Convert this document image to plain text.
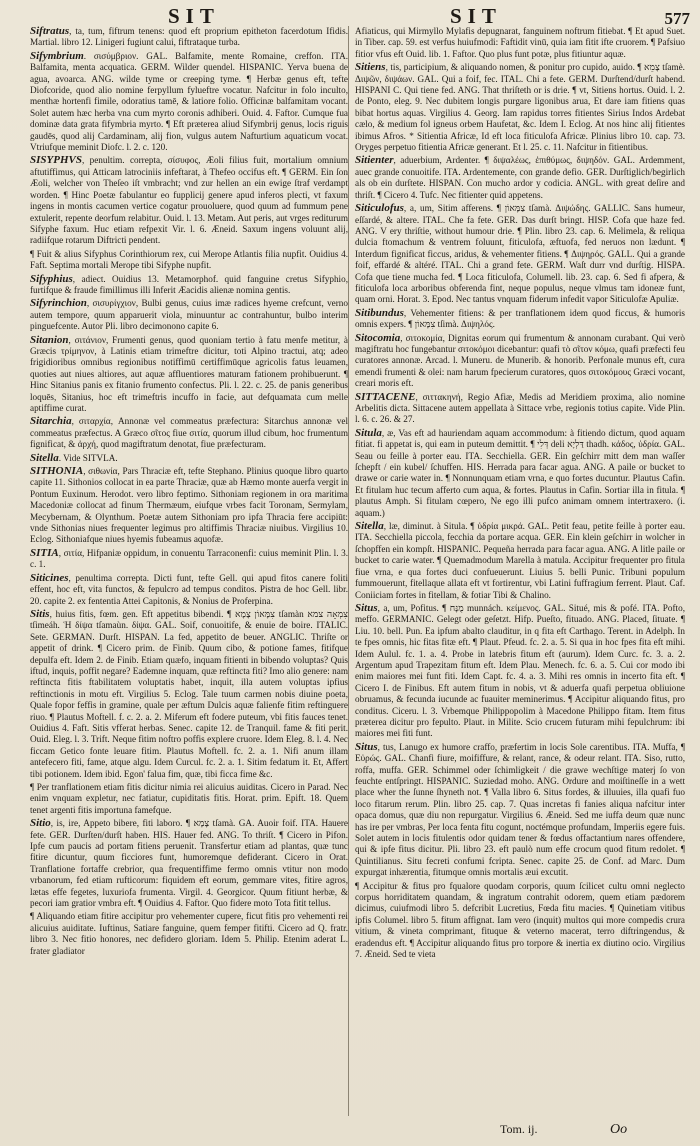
SIT	SIT	577
Siftratus, ta, tum, fiftrum tenens: quod eft proprium epitheton facerdotum Ifidis. Martial. libro 12. Linigeri fugiunt calui, fiftrataque turba.
Sifymbrium. σισύμβριον. GAL. Balfamite, mente Romaine, creffon. ITA. Balfamita, menta acquatica. GERM. Wilder quendel. HISPANIC. Yerva buena de agua, avoarca. ANG. wilde tyme or creeping tyme. ¶ Herbæ genus eft, tefte Diofcoride, quod alio nomine ferpyllum fylueftre vocatur. Nafcitur in folo inculto, menthæ hortenfi fimile, odoratius tamē, & latiore folio. Officinæ balfamitam vocant. Solet autem hæc herba vna cum myrto coronis adhiberi. Ouid. 4. Faftor. Cumque fua dominæ data grata fifymbria myrto. ¶ Eft præterea aliud Sifymbrij genus, locis riguis gaudēs, quod alij Cardaminam, alij fion, vulgus autem Nafturtium aquaticum vocat. Vtriufque meminit Diofc. l. 2. c. 120.
SISYPHVS, penultim. correpta, σίσυφος, Æoli filius fuit, mortalium omnium aftutiffimus, qui Atticam latrociniis infeftarat, à Thefeo occifus eft. ¶ GERM. Ein ſon Æoli, welcher von Theſeo iſt vmbracht; vnd zur hellen an ein ewige ſtraf verdampt worden. ¶ Hinc Poetæ fabulantur eo fupplicij genere apud inferos plecti, vt faxum ingens in montis cacumen vertice cogatur prouoluere, quod quum ad fummum pene extulerit, repente deorfum relabitur. Ouid. l. 13. Metam. Aut peris, aut vrges rediturum Sifyphe faxum. Huc etiam refpexit Vir. l. 6. Æneid. Saxum ingens voluunt alij, radiifque rotarum Diftricti pendent.
¶ Fuit & alius Sifyphus Corinthiorum rex, cui Merope Atlantis filia nupfit. Ouidius 4. Faft. Septima mortali Merope tibi Sifyphe nupfit.
Sifyphius, adiect. Ouidius 13. Metamorphof. quid fanguine cretus Sifyphio, furtifque & fraude fimillimus illi Inferit Æacidis alienæ nomina gentis.
Sifyrinchion, σισυρίγχιον, Bulbi genus, cuius imæ radices hyeme crefcunt, verno autem tempore, quum apparuerit viola, minuuntur ac contrahuntur, bulbo interim pinguefcente. Autor Pli. libro decimonono capite 6.
Sitanion, σιτάνιον, Frumenti genus, quod quoniam tertio à fatu menfe metitur, à Græcis τρίμηνον, à Latinis etiam trimeftre dicitur, toti Alpino tractui, atq; adeo frigidioribus omnibus regionibus notiffimū certiffimūque agricolis fatus leuamen, quoties aut niues altiores, aut aquæ affluentiores maturam fationem prohibuerunt. ¶ Hinc Sitanius panis ex fitanio frumento confectus. Pli. l. 22. c. 25. de panis generibus loquēs, Sitanius, hoc eft trimeftris incuffo in facie, aut defquamata cum melle aptiffime curat.
Sitarchia, σιταρχία, Annonæ vel commeatus præfectura: Sitarchus annonæ vel commeatus præfectus. A Græco σῖτος fiue σιτία, quorum illud cibum, hoc frumentum fignificat, & ἀρχή, quod magiftratum denotat, fiue præfecturam.
Sitella. Vide SITVLA.
SITHONIA, σιθωνία, Pars Thraciæ eft, tefte Stephano. Plinius quoque libro quarto capite 11. Sithonios collocat in ea parte Thraciæ, quæ ab Hæmo monte auerfa vergit in Pontum Euxinum. Herodot. vero libro feptimo. Sithoniam regionem in ora maritima Macedoniæ collocat ad finum Thermæum, eiufque vrbes facit Toronam, Sermylam, Mecybernam, & Olynthum. Poetæ autem Sithoniam pro ipfa Thracia fere accipiūt: vnde Sithonias niues frequenter legimus pro altiffimis Thraciæ niuibus. Virgilius 10. Eclog. Sithoniafque niues hyemis fubeamus aquofæ.
SITIA, σιτία, Hifpaniæ oppidum, in conuentu Tarraconenfi: cuius meminit Plin. l. 3. c. 1.
Siticines, penultima correpta. Dicti funt, tefte Gell. qui apud fitos canere foliti effent, hoc eft, vita functos, & fepulcro ad tempus conditos. Pistra de hoc Gell. libr. 20. capite 2. ex fententia Attei Capitonis, & Nonius de Proferpina.
Sitis, huius fitis, fœm. gen. Eft appetitus bibendi. ¶ צִמָּאוֹן צָמָא tſamàn צִמְאָה צמא tſimeáh. Ἡ δίψα tſamaùn. δίψα. GAL. Soif, conuoitife, & enuie de boire. ITALIC. Sete. GERMAN. Durſt. HISPAN. La fed, appetito de beuer. ANGLIC. Thriſte or appetit of drink. ¶ Cicero prim. de Finib. Quum cibo, & potione fames, fitifque depulfa eft. Idem 2. de Finib. Etiam quæfo, inquam fitienti in bibendo voluptas? Quis iftud, inquis, poffit negare? Eademne inquam, quæ reftincta fiti? Imo alio genere: nam reftincta fitis ftabilitatem voluptatis habet, inquit, illa autem voluptas ipfius reftinctionis in motu eft. Virgilius 5. Eclog. Tale tuum carmen nobis diuine poeta, Quale fopor feffis in gramine, quale per æftum Dulcis aquæ falienfe fitim reftinguere riuo. ¶ Plautus Moftell. f. c. 2. a. 2. Miferum eft fodere puteum, vbi fitis fauces tenet. Ouidius 4. Faft. Sitis vfferat herbas. Senec. capite 12. de Tranquil. fame & fiti perit. Ouid. Eleg. l. 3. Trift. Neque fitim noftro poffis explere cruore. Idem Eleg. 8. l. 4. Nec ficcam Getico fonte leuare fitim. Plautus Moftell. fc. 2. a. 1. Nifi anum illam antefecero fiti, fame, atque algu. Idem Curcul. fc. 2. a. 1. Sitim fedatum it. Et, Affert tibi potionem. Idem ibid. Egon' falua fim, quæ, tibi ficca fime &c.
¶ Per tranflationem etiam fitis dicitur nimia rei alicuius auiditas. Cicero in Parad. Nec enim vnquam expletur, nec fatiatur, cupiditatis fitis. Horat. prim. Epift. 18. Quem tenet argenti fitis importuna famefque.
Sitio, is, ire, Appeto bibere, fiti laboro. ¶ צָמָא tſamà. GA. Auoir foif. ITA. Hauere fete. GER. Durſten/durſt haben. HIS. Hauer fed. ANG. To thriſt. ¶ Cicero in Pifon. Ipfe cum paucis ad portam fitiens peruenit. Transfertur etiam ad plantas, quæ tunc fitire dicuntur, quum ficciores funt, humoremque defiderant. Cicero in Orat. Tranflatione fortaffe crebrior, qua frequentiffime fermo omnis vtitur non modo vrbanorum, fed etiam rufticorum: fiquidem eft eorum, gemmare vites, fitire agros, lætas effe fegetes, luxuriofa frumenta. Virgil. 4. Georgicor. Quum fitiunt herbæ, & pecori iam gratior vmbra eft. ¶ Ouidius 4. Faftor. Quo fidere moto Tota fitit tellus.
¶ Aliquando etiam fitire accipitur pro vehementer cupere, ficut fitis pro vehementi rei alicuius auiditate. Iuftinus, Satiare fanguine, quem femper fitifti. Cicero ad Q. fratr. libro 3. Nec fitio honores, nec defidero gloriam. Idem 5. Philip. Etenim aderat L. frater gladiator
Afiaticus, qui Mirmyllo Mylafis depugnarat, fanguinem noftrum fitiebat. ¶ Et apud Suet. in Tiber. cap. 59. est verfus huiufmodi: Faftidit vinū, quia iam fitit ifte cruorem. ¶ Pafsiuo fitior vfus eft Ouid. lib. 1. Faftor. Quo plus funt potæ, plus fitiuntur aquæ.
Sitiens, tis, participium, & aliquando nomen, & ponitur pro cupido, auido. ¶ צָמֵא tſamè. Διψῶν, διψάων. GAL. Qui a foif, fec. ITAL. Chi a fete. GERM. Durſtend/durſt habend. HISPANI C. Qui tiene fed. ANG. That thriſteth or is drie. ¶ vt, Sitiens hortus. Ouid. l. 2. de Ponto, eleg. 9. Nec dubitem longis purgare ligonibus arua, Et dare iam fitiens quas bibat hortus aquas. Virgilius 4. Georg. Iam rapidus torres fitientes Sirius Indos Ardebat cælo, & medium fol igneus orbem Haufetat, &c. Idem I. Eclog. At nos hinc alij fitientes ibimus Afros. * Sitientia Africæ, Id eft loca fiticulofa Africæ. Plinius libro 10. cap. 73. Oryges perpetuo fitientia Africæ generant. Et l. 25. c. 11. Nafcitur in fitientibus.
Sitienter, aduerbium, Ardenter. ¶ διψαλέως, ἐπιθύμως, διψηδόν. GAL. Ardemment, auec grande conuoitife. ITA. Ardentemente, con grande defio. GER. Durſtiglich/begirlich als ob ein durſtete. HISPAN. Con mucho ardor y codicia. ANGL. with great deſire and thriſt. ¶ Cicero 4. Tufc. Nec fitienter quid appetens.
Siticulofus, a, um, Sitim afferens. ¶ צַמָּאוֹן tſamà. Διψώδης. GALLIC. Sans humeur, eſſardé, & altere. ITAL. Che fa fete. GER. Das durſt bringt. HISP. Cofa que haze fed. ANG. V ery thriſtie, without humour drie. ¶ Plin. libro 23. cap. 6. Melimela, & reliqua dulcia ftomachum & ventrem foluunt, fiticulofa, æftuofa, fed neruos non lædunt. ¶ Interdum fignificat ficcus, aridus, & vehementer fitiens. ¶ Διψηρός. GALL. Qui a grande foif, effardé & altéré. ITAL. Chi a grand fete. GERM. Waſt durr vnd durſtig. HISPA. Cofa que tiene mucha fed. ¶ Loca fiticulofa, Columell. lib. 23. cap. 6. Sed fi afpera, & fiticulofa loca arboribus obferenda fint, neque populus, neque vlmus tam idoneæ funt, quam orni. Horat. 3. Epod. Nec tantus vnquam fiderum infedit vapor Siticulofæ Apuliæ.
Sitibundus, Vehementer fitiens: & per tranflationem idem quod ficcus, & humoris omnis expers. ¶ צִמָּאוֹן tſimà. Διψηλός.
Sitocomia, σιτοκομία, Dignitas eorum qui frumentum & annonam curabant. Qui verò magiftratu hoc fungebantur σιτοκόμοι dicebantur: quafi τὸ σῖτον κόμω, quafi præfecti feu curatores annonæ. Arcad. l. Muneru. de Munerib. & honorib. Perfonale munus eft, cura emendi frumenti & olei: nam harum fpecierum curatores, quos σιτοκόμους Græci vocant, creari moris eft.
SITTACENE, σιττακηνή, Regio Afiæ, Medis ad Meridiem proxima, alio nomine Arbelitis dicta. Sittacene autem appellata à Sittace vrbe, regionis totius capite. Vide Plin. l. 6. c. 26. & 27.
Situla, æ, Vas eft ad hauriendam aquam accommodum: à fitiendo dictum, quod aquam fitiat. fi appetat is, qui eam in puteum demittit. ¶ דְּלִי deli דַּלְיָא thadh. κάδος, ὑδρία. GAL. Seau ou feille à porter eau. ITA. Secchiella. GER. Ein geſchirr mitt dem man waſſer ſchepft / ein kubel/ ſchuffen. HIS. Herrada para facar agua. ANG. A paile or bucket to drawe or carie water in. ¶ Nonnunquam etiam vrna, e quo fortes ducuntur. Plautus Cafin. Et fitulam huc tecum afferto cum aqua, & fortes. Plautus in Cafin. Sortiar illa in fitula. ¶ plautus Amph. Si fitulam cœpero, Ne ego illi pufco animam omnem intertraxero. (i. aquam.)
Sitella, læ, diminut. à Situla. ¶ ὑδρία μικρά. GAL. Petit feau, petite feille à porter eau. ITA. Secchiella piccola, fecchia da portare acqua. GER. Ein klein geſchirr in wolcher in ſchopffen ein kompſt. HISPANIC. Pequeña herrada para facar agua. ANG. A litle paile or bucket to carie water. ¶ Quemadmodum Marella à matula. Accipitur frequenter pro fitula fiue vrna, e qua fortes duci confueuerunt. Liuius 5. belli Punic. Tribuni populum fummouerunt, fitellaque allata eft vt fortirentur, vbi Latini fuffragium ferrent. Plaut. Caf. Coniiciam fortes in fitellam, & fotiar Tibi & Chalino.
Situs, a, um, Pofitus. ¶ מֻנָּח munnách. κείμενος. GAL. Situé, mis & pofé. ITA. Pofto, meffo. GERMANIC. Gelegt oder geſetzt. Hifp. Pueſto, fituado. ANG. Placed, ſituate. ¶ Liu. 10. bell. Pun. Ea ipfum abalto clauditur, in q fita eft Carthago. Terent. in Adelph. In te fpes omnis, hic fitas fitæ eft. ¶ Plaut. Pfeud. fc. 2. a. 5. Si qua in hoc fpes fita eft mihi. Idem Aulul. fc. 1. a. 4. Probe in latebris fitum eft (aurum). Idem Curc. fc. 3. a. 2. Argentum apud Trapezitam fitum eft. Idem Plau. Menech. fc. 6. a. 5. Cui cor modo ibi enim maiores mei funt fiti. Idem Capt. fc. 4. a. 3. Mihi res omnis in incerto fita eft. ¶ Cicero I. de Finibus. Eft autem fitum in nobis, vt & aduerfa quafi perpetua obliuione obruamus, & fecunda iucunde ac fuauiter meminerimus. ¶ Accipitur aliquando fitus, pro conditus. Ciceru. l. 3. Vrbemque Philippopolim à Macedone Philippo fitam. Item fitus præterea dicitur pro fepulto. Plaut. in Milite. Scio crucem futuram mihi fepulchrum: ibi maiores mei fiti funt.
Situs, tus, Lanugo ex humore craffo, præfertim in locis Sole carentibus. ITA. Muffa, ¶ Εὐρώς. GAL. Chanfi fiure, moififfure, & relant, rance, & odeur relant. ITA. Siso, rutto, roffa, muffa. GER. Schimmel oder ſchimligkeit / die grawe wechſtige materj ſo von feuchte entſpringt. HISPANIC. Suziedad moho. ANG. Ordure and moiſtineſſe in a wett place wher the ſunne ſhyneth not. ¶ Valla libro 6. Situs fordes, & illuuies, illa quafi fuo loco fitarum rerum. Plin. libro 25. cap. 7. Quas incretas fi fanies aliqua nafcitur inter opaca domus, quæ diu non repurgatur. Virgilius 6. Æneid. Sed me iuffa deum quæ nunc has ire per vmbras, Per loca fenta fitu cogunt, noctémque profundam, Imperiis egere fuis. Solet autem in locis fitulentis odor quidam tener & fœdus offactantium nares offendere, qui & ipfe fitus dicitur. Pli. libro 23. eft paulò num effe crocum quod fitum redolet. ¶ Quintilianus. Situ fecreti confumi fcripta. Senec. capite 25. de Conf. ad Marc. Dum expurgat inhærentia, fitumque omnis mortalis æui excutit.
¶ Accipitur & fitus pro fqualore quodam corporis, quum ſcilicet cultu omni neglecto corpus horriditatem quandam, & ingratum contrahit odorem, quem etiam pædorem dicimus, cuiufmodi libro 5. defcribit Lucretius, Fœda fitu macies. ¶ Quinetiam vitibus ipfis Columel. libro 5. fitum affignat. Iam vero (inquit) multos qui more compedis crura vitium, & vineta comprimant, fituque & veterno macerat, terro diftringendus, & eradendus eft. ¶ Accipitur aliquando fitus pro torpore & inertia ex diutino ocio. Virgilius 7. Æneid. Sed te vieta
Tom. ij.	Oo
